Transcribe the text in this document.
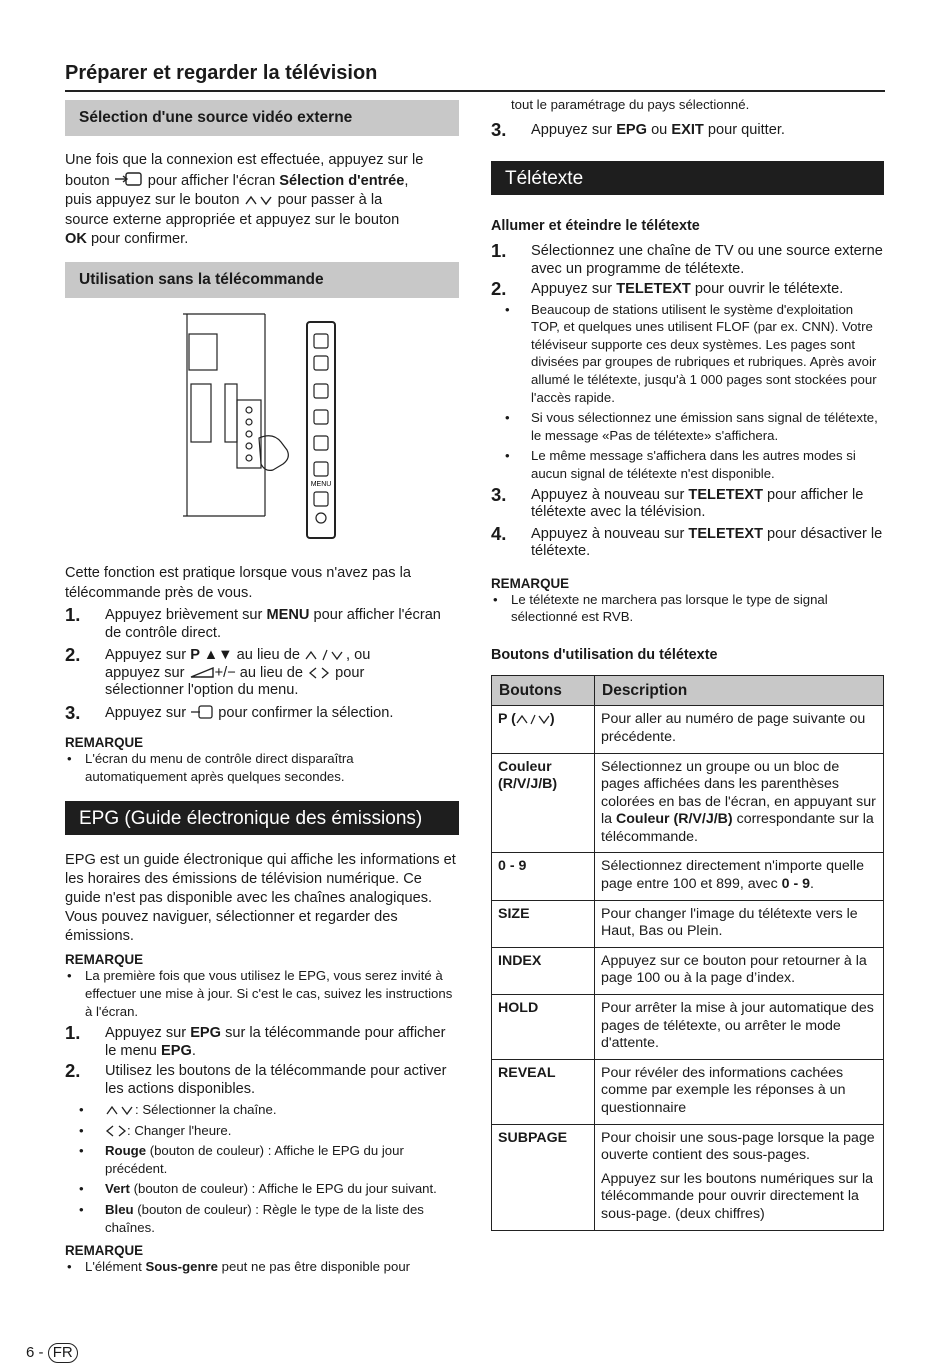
Préparer et regarder la télévision
Sélection d'une source vidéo externe

Une fois que la connexion est effectuée, appuyez sur le

bouton	pour afficher l'écran Sélection d'entrée,

puis appuyez sur le bouton	pour passer à la

source externe appropriée et appuyez sur le bouton

OK pour confirmer.

Utilisation sans la télécommande
MENU

Cette fonction est pratique lorsque vous n'avez pas la télécommande près de vous.

1. Appuyez brièvement sur MENU pour afficher l'écran de contrôle direct.
2. Appuyez sur P ▲▼ au lieu de	, ou
appuyez sur +/− au lieu de pour
sélectionner l'option du menu.
3. Appuyez sur pour confirmer la sélection.

REMARQUE

• L'écran du menu de contrôle direct disparaîtra automatiquement après quelques secondes.
EPG (Guide électronique des émissions)

EPG est un guide électronique qui affiche les informations et les horaires des émissions de télévision numérique. Ce guide n'est pas disponible avec les chaînes analogiques. Vous pouvez naviguer, sélectionner et regarder des émissions.

REMARQUE

• La première fois que vous utilisez le EPG, vous serez invité à effectuer une mise à jour. Si c'est le cas, suivez les instructions à l'écran.
1. Appuyez sur EPG sur la télécommande pour afficher le menu EPG.
2. Utilisez les boutons de la télécommande pour activer les actions disponibles.
•	: Sélectionner la chaîne.
•	: Changer l'heure.
• Rouge (bouton de couleur) : Affiche le EPG du jour précédent.
• Vert (bouton de couleur) : Affiche le EPG du jour suivant.
• Bleu (bouton de couleur) : Règle le type de la liste des chaînes.

REMARQUE

• L'élément Sous-genre peut ne pas être disponible pour

tout le paramétrage du pays sélectionné.

3. Appuyez sur EPG ou EXIT pour quitter.
Télétexte

Allumer et éteindre le télétexte

1. Sélectionnez une chaîne de TV ou une source externe avec un programme de télétexte.
2. Appuyez sur TELETEXT pour ouvrir le télétexte.
• Beaucoup de stations utilisent le système d'exploitation TOP, et quelques unes utilisent FLOF (par ex. CNN). Votre téléviseur supporte ces deux systèmes. Les pages sont divisées par groupes de rubriques et rubriques. Après avoir allumé le télétexte, jusqu'à 1 000 pages sont stockées pour l'accès rapide.
• Si vous sélectionnez une émission sans signal de télétexte, le message «Pas de télétexte» s'affichera.
• Le même message s'affichera dans les autres modes si aucun signal de télétexte n'est disponible.
3. Appuyez à nouveau sur TELETEXT pour afficher le télétexte avec la télévision.
4. Appuyez à nouveau sur TELETEXT pour désactiver le télétexte.

REMARQUE

• Le télétexte ne marchera pas lorsque le type de signal sélectionné est RVB.

Boutons d'utilisation du télétexte

Boutons	Description
P ( )	Pour aller au numéro de page suivante ou précédente.
Couleur (R/V/J/B)	Sélectionnez un groupe ou un bloc de pages affichées dans les parenthèses colorées en bas de l'écran, en appuyant sur la Couleur (R/V/J/B) correspondante sur la télécommande.
0 - 9	Sélectionnez directement n'importe quelle page entre 100 et 899, avec 0 - 9.
SIZE	Pour changer l'image du télétexte vers le Haut, Bas ou Plein.
INDEX	Appuyez sur ce bouton pour retourner à la page 100 ou à la page d’index.
HOLD	Pour arrêter la mise à jour automatique des pages de télétexte, ou arrêter le mode d'attente.
REVEAL	Pour révéler des informations cachées comme par exemple les réponses à un questionnaire
SUBPAGE	Pour choisir une sous-page lorsque la page ouverte contient des sous-pages.

Appuyez sur les boutons numériques sur la télécommande pour ouvrir directement la sous-page. (deux chiffres)

6 - FR
